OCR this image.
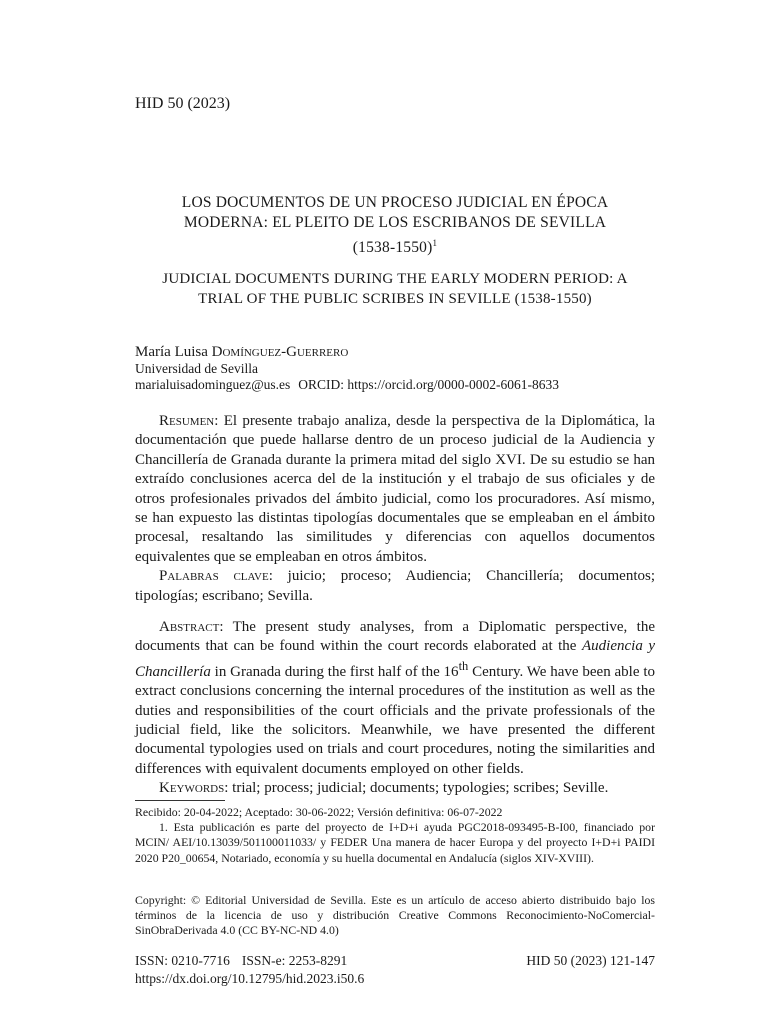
HID 50 (2023)
LOS DOCUMENTOS DE UN PROCESO JUDICIAL EN ÉPOCA
MODERNA: EL PLEITO DE LOS ESCRIBANOS DE SEVILLA
(1538-1550)$^1$
JUDICIAL DOCUMENTS DURING THE EARLY MODERN PERIOD: A
TRIAL OF THE PUBLIC SCRIBES IN SEVILLE (1538-1550)
María Luisa Domínguez-Guerrero
Universidad de Sevilla
marialuisadominguez@us.es ORCID: https://orcid.org/0000-0002-6061-8633

Resumen: El presente trabajo analiza, desde la perspectiva de la Diplomática, la documentación que puede hallarse dentro de un proceso judicial de la Audiencia y Chancillería de Granada durante la primera mitad del siglo XVI. De su estudio se han extraído conclusiones acerca del de la institución y el trabajo de sus oficiales y de otros profesionales privados del ámbito judicial, como los procuradores. Así mismo, se han expuesto las distintas tipologías documentales que se empleaban en el ámbito procesal, resaltando las similitudes y diferencias con aquellos documentos equivalentes que se empleaban en otros ámbitos.

Palabras clave: juicio; proceso; Audiencia; Chancillería; documentos; tipologías; escribano; Sevilla.

Abstract: The present study analyses, from a Diplomatic perspective, the documents that can be found within the court records elaborated at the Audiencia y Chancillería in Granada during the first half of the 16th Century. We have been able to extract conclusions concerning the internal procedures of the institution as well as the duties and responsibilities of the court officials and the private professionals of the judicial field, like the solicitors. Meanwhile, we have presented the different documental typologies used on trials and court procedures, noting the similarities and differences with equivalent documents employed on other fields.

Keywords: trial; process; judicial; documents; typologies; scribes; Seville.

Recibido: 20-04-2022; Aceptado: 30-06-2022; Versión definitiva: 06-07-2022

1. Esta publicación es parte del proyecto de I+D+i ayuda PGC2018-093495-B-I00, financiado por MCIN/ AEI/10.13039/501100011033/ y FEDER Una manera de hacer Europa y del proyecto I+D+i PAIDI 2020 P20_00654, Notariado, economía y su huella documental en Andalucía (siglos XIV-XVIII).

Copyright: © Editorial Universidad de Sevilla. Este es un artículo de acceso abierto distribuido bajo los términos de la licencia de uso y distribución Creative Commons Reconocimiento-NoComercial-SinObraDerivada 4.0 (CC BY-NC-ND 4.0)
ISSN: 0210-7716 ISSN-e: 2253-8291
https://dx.doi.org/10.12795/hid.2023.i50.6
HID 50 (2023) 121-147
